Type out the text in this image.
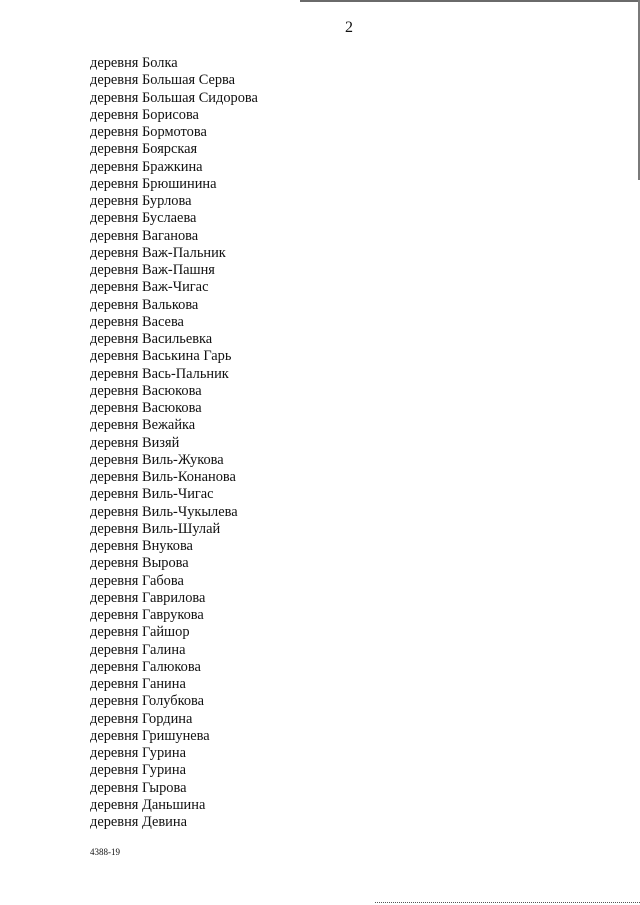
2
деревня Болка
деревня Большая Серва
деревня Большая Сидорова
деревня Борисова
деревня Бормотова
деревня Боярская
деревня Бражкина
деревня Брюшинина
деревня Бурлова
деревня Буслаева
деревня Ваганова
деревня Важ-Пальник
деревня Важ-Пашня
деревня Важ-Чигас
деревня Валькова
деревня Васева
деревня Васильевка
деревня Васькина Гарь
деревня Вась-Пальник
деревня Васюкова
деревня Васюкова
деревня Вежайка
деревня Визяй
деревня Виль-Жукова
деревня Виль-Конанова
деревня Виль-Чигас
деревня Виль-Чукылева
деревня Виль-Шулай
деревня Внукова
деревня Вырова
деревня Габова
деревня Гаврилова
деревня Гаврукова
деревня Гайшор
деревня Галина
деревня Галюкова
деревня Ганина
деревня Голубкова
деревня Гордина
деревня Гришунева
деревня Гурина
деревня Гурина
деревня Гырова
деревня Даньшина
деревня Девина
4388-19
